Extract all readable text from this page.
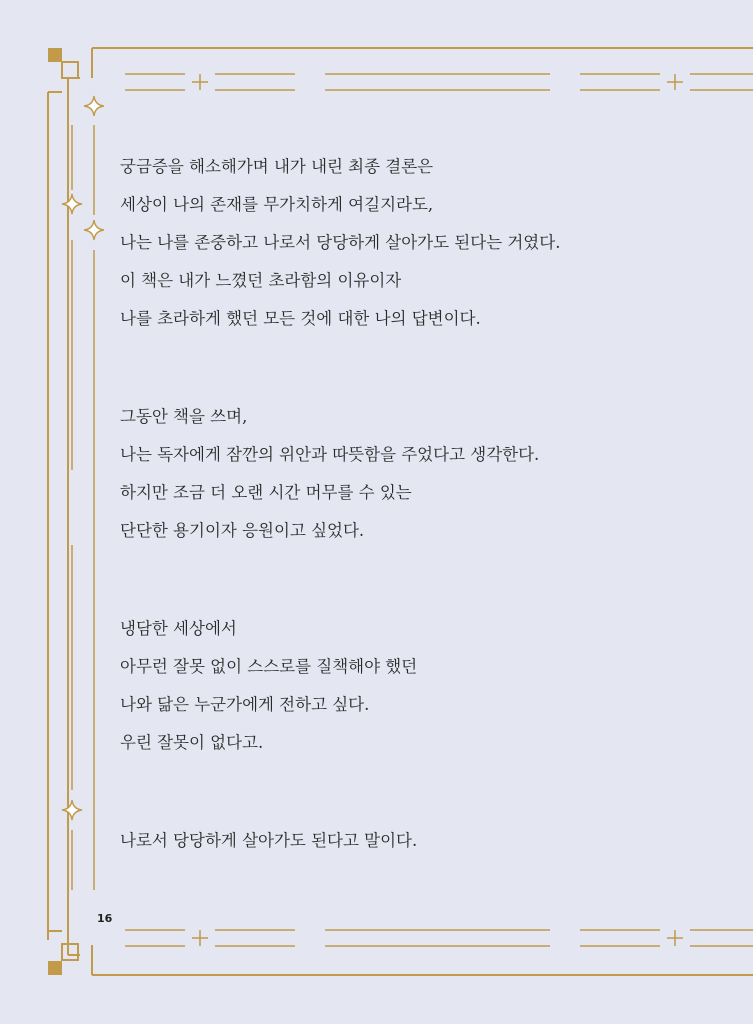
궁금증을 해소해가며 내가 내린 최종 결론은
세상이 나의 존재를 무가치하게 여길지라도,
나는 나를 존중하고 나로서 당당하게 살아가도 된다는 거였다.
이 책은 내가 느꼈던 초라함의 이유이자
나를 초라하게 했던 모든 것에 대한 나의 답변이다.
그동안 책을 쓰며,
나는 독자에게 잠깐의 위안과 따뜻함을 주었다고 생각한다.
하지만 조금 더 오랜 시간 머무를 수 있는
단단한 용기이자 응원이고 싶었다.
냉담한 세상에서
아무런 잘못 없이 스스로를 질책해야 했던
나와 닮은 누군가에게 전하고 싶다.
우린 잘못이 없다고.
나로서 당당하게 살아가도 된다고 말이다.
16
